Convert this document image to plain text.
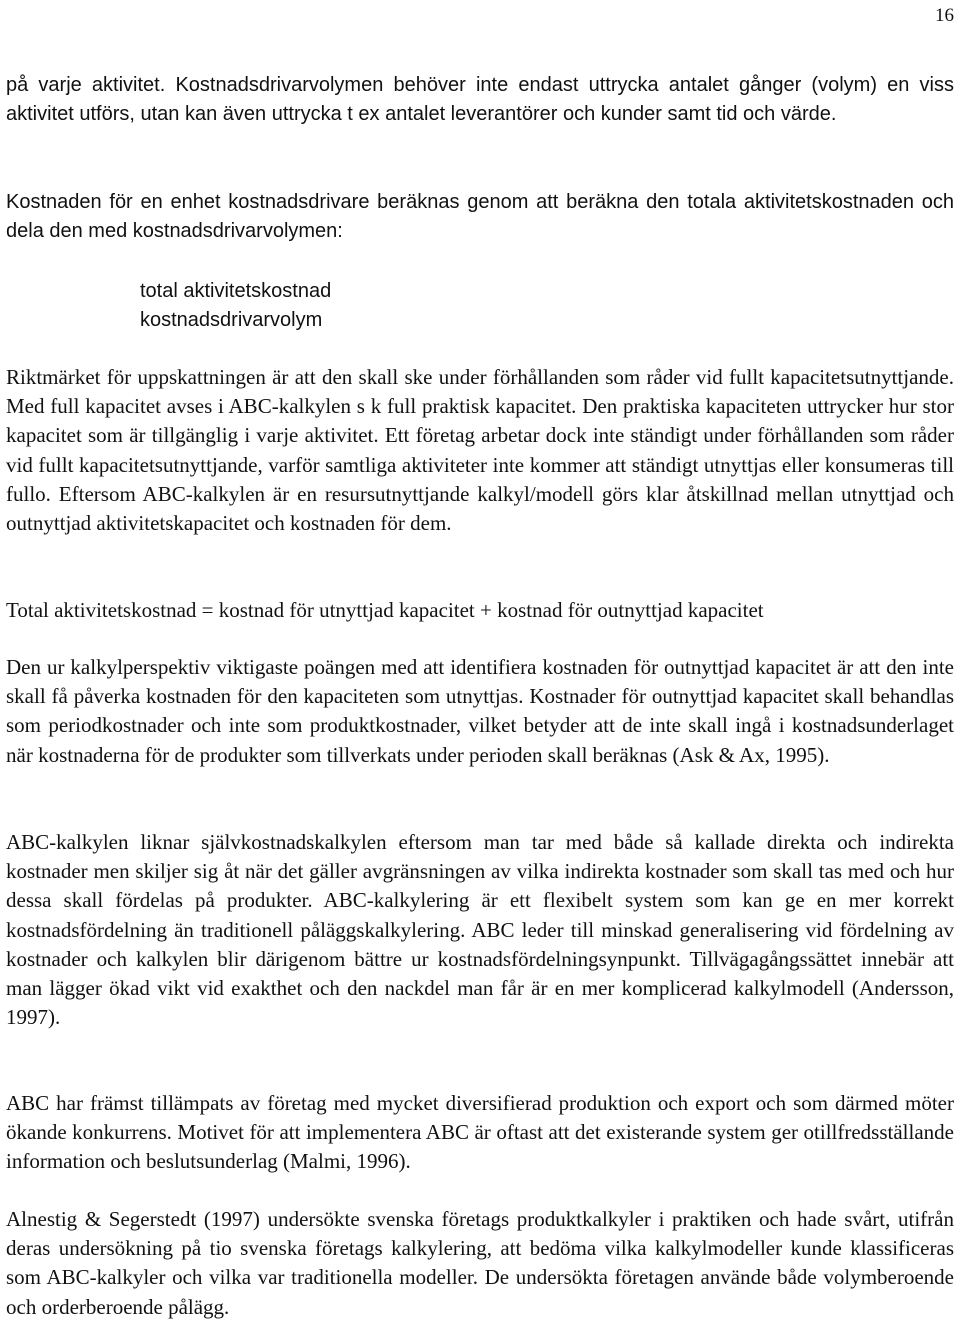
16

på varje aktivitet. Kostnadsdrivarvolymen behöver inte endast uttrycka antalet gånger (volym) en viss aktivitet utförs, utan kan även uttrycka t ex antalet leverantörer och kunder samt tid och värde.

Kostnaden för en enhet kostnadsdrivare beräknas genom att beräkna den totala aktivitetskostnaden och dela den med kostnadsdrivarvolymen:

total aktivitetskostnad
kostnadsdrivarvolym

Riktmärket för uppskattningen är att den skall ske under förhållanden som råder vid fullt kapacitetsutnyttjande. Med full kapacitet avses i ABC-kalkylen s k full praktisk kapacitet. Den praktiska kapaciteten uttrycker hur stor kapacitet som är tillgänglig i varje aktivitet. Ett företag arbetar dock inte ständigt under förhållanden som råder vid fullt kapacitetsutnyttjande, varför samtliga aktiviteter inte kommer att ständigt utnyttjas eller konsumeras till fullo. Eftersom ABC-kalkylen är en resursutnyttjande kalkyl/modell görs klar åtskillnad mellan utnyttjad och outnyttjad aktivitetskapacitet och kostnaden för dem.

Total aktivitetskostnad = kostnad för utnyttjad kapacitet + kostnad för outnyttjad kapacitet

Den ur kalkylperspektiv viktigaste poängen med att identifiera kostnaden för outnyttjad kapacitet är att den inte skall få påverka kostnaden för den kapaciteten som utnyttjas. Kostnader för outnyttjad kapacitet skall behandlas som periodkostnader och inte som produktkostnader, vilket betyder att de inte skall ingå i kostnadsunderlaget när kostnaderna för de produkter som tillverkats under perioden skall beräknas (Ask & Ax, 1995).

ABC-kalkylen liknar självkostnadskalkylen eftersom man tar med både så kallade direkta och indirekta kostnader men skiljer sig åt när det gäller avgränsningen av vilka indirekta kostnader som skall tas med och hur dessa skall fördelas på produkter. ABC-kalkylering är ett flexibelt system som kan ge en mer korrekt kostnadsfördelning än traditionell påläggskalkylering. ABC leder till minskad generalisering vid fördelning av kostnader och kalkylen blir därigenom bättre ur kostnadsfördelningsynpunkt. Tillvägagångssättet innebär att man lägger ökad vikt vid exakthet och den nackdel man får är en mer komplicerad kalkylmodell (Andersson, 1997).

ABC har främst tillämpats av företag med mycket diversifierad produktion och export och som därmed möter ökande konkurrens. Motivet för att implementera ABC är oftast att det existerande system ger otillfredsställande information och beslutsunderlag (Malmi, 1996).

Alnestig & Segerstedt (1997) undersökte svenska företags produktkalkyler i praktiken och hade svårt, utifrån deras undersökning på tio svenska företags kalkylering, att bedöma vilka kalkylmodeller kunde klassificeras som ABC-kalkyler och vilka var traditionella modeller. De undersökta företagen använde både volymberoende och orderberoende pålägg.
